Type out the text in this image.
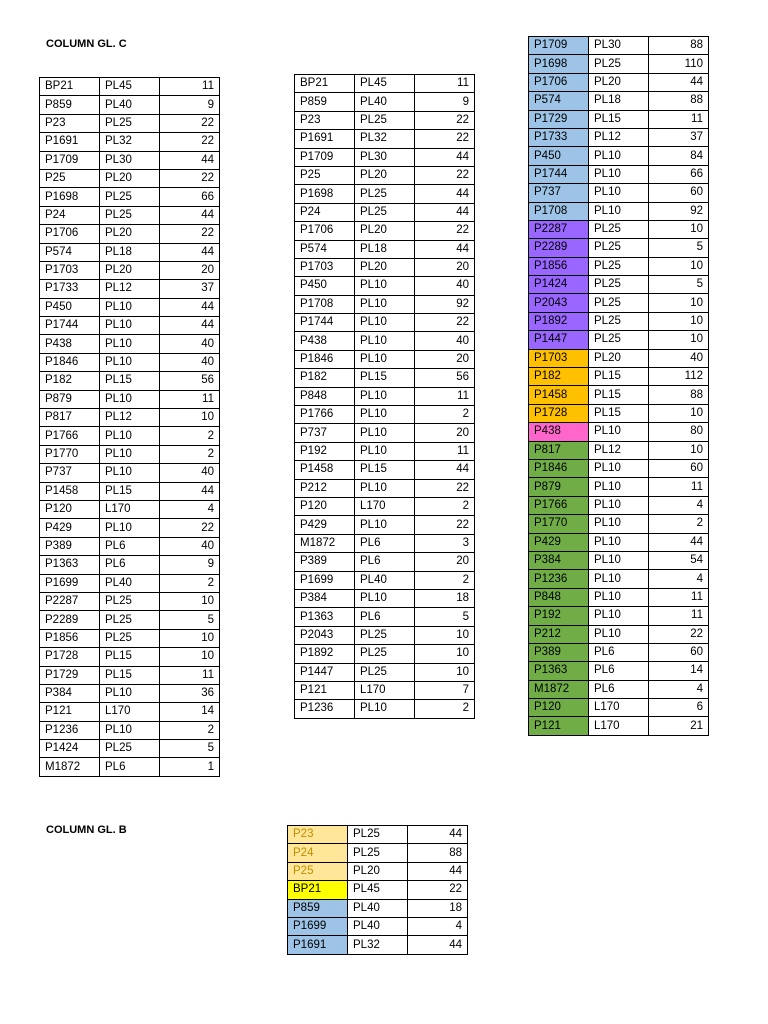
COLUMN GL. C

COLUMN GL. B

BP21	PL45	11
P859	PL40	9
P23	PL25	22
P1691	PL32	22
P1709	PL30	44
P25	PL20	22
P1698	PL25	66
P24	PL25	44
P1706	PL20	22
P574	PL18	44
P1703	PL20	20
P1733	PL12	37
P450	PL10	44
P1744	PL10	44
P438	PL10	40
P1846	PL10	40
P182	PL15	56
P879	PL10	11
P817	PL12	10
P1766	PL10	2
P1770	PL10	2
P737	PL10	40
P1458	PL15	44
P120	L170	4
P429	PL10	22
P389	PL6	40
P1363	PL6	9
P1699	PL40	2
P2287	PL25	10
P2289	PL25	5
P1856	PL25	10
P1728	PL15	10
P1729	PL15	11
P384	PL10	36
P121	L170	14
P1236	PL10	2
P1424	PL25	5
M1872	PL6	1
BP21	PL45	11
P859	PL40	9
P23	PL25	22
P1691	PL32	22
P1709	PL30	44
P25	PL20	22
P1698	PL25	44
P24	PL25	44
P1706	PL20	22
P574	PL18	44
P1703	PL20	20
P450	PL10	40
P1708	PL10	92
P1744	PL10	22
P438	PL10	40
P1846	PL10	20
P182	PL15	56
P848	PL10	11
P1766	PL10	2
P737	PL10	20
P192	PL10	11
P1458	PL15	44
P212	PL10	22
P120	L170	2
P429	PL10	22
M1872	PL6	3
P389	PL6	20
P1699	PL40	2
P384	PL10	18
P1363	PL6	5
P2043	PL25	10
P1892	PL25	10
P1447	PL25	10
P121	L170	7
P1236	PL10	2
P1709	PL30	88
P1698	PL25	110
P1706	PL20	44
P574	PL18	88
P1729	PL15	11
P1733	PL12	37
P450	PL10	84
P1744	PL10	66
P737	PL10	60
P1708	PL10	92
P2287	PL25	10
P2289	PL25	5
P1856	PL25	10
P1424	PL25	5
P2043	PL25	10
P1892	PL25	10
P1447	PL25	10
P1703	PL20	40
P182	PL15	112
P1458	PL15	88
P1728	PL15	10
P438	PL10	80
P817	PL12	10
P1846	PL10	60
P879	PL10	11
P1766	PL10	4
P1770	PL10	2
P429	PL10	44
P384	PL10	54
P1236	PL10	4
P848	PL10	11
P192	PL10	11
P212	PL10	22
P389	PL6	60
P1363	PL6	14
M1872	PL6	4
P120	L170	6
P121	L170	21
P23	PL25	44
P24	PL25	88
P25	PL20	44
BP21	PL45	22
P859	PL40	18
P1699	PL40	4
P1691	PL32	44
